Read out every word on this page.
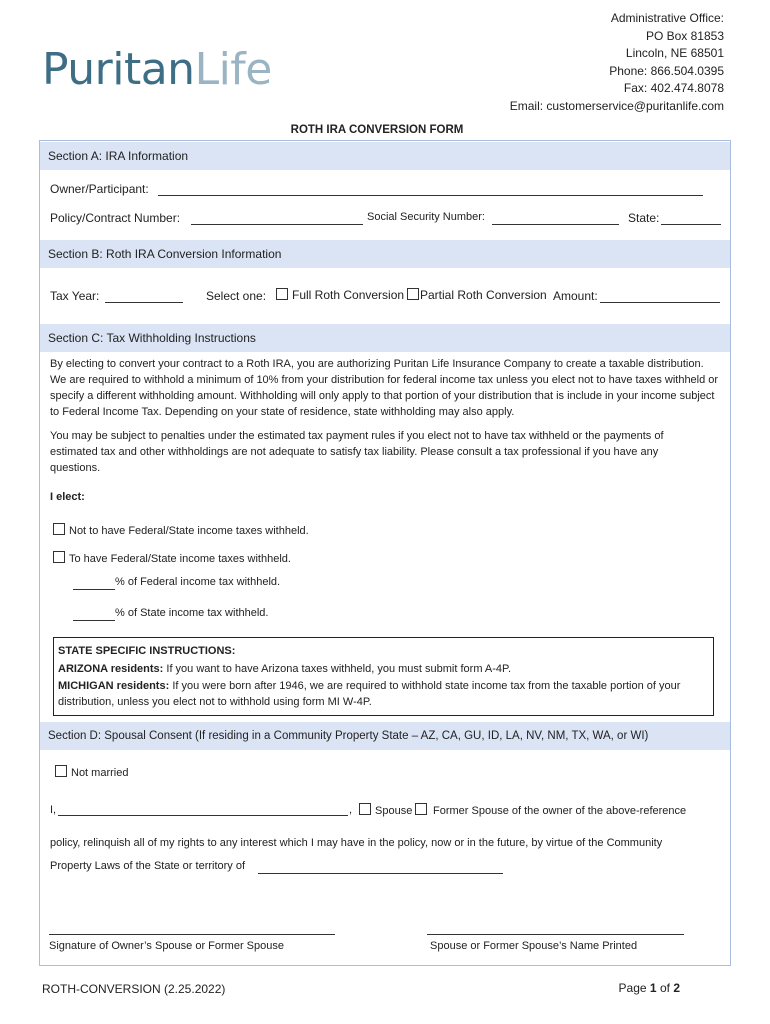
PuritanLife
Administrative Office:
PO Box 81853
Lincoln, NE 68501
Phone: 866.504.0395
Fax: 402.474.8078
Email: customerservice@puritanlife.com
ROTH IRA CONVERSION FORM
Section A: IRA Information
Owner/Participant:
Policy/Contract Number:	Social Security Number:	State:
Section B: Roth IRA Conversion Information
Tax Year:	Select one:	Full Roth Conversion	Partial Roth Conversion Amount:
Section C: Tax Withholding Instructions
By electing to convert your contract to a Roth IRA, you are authorizing Puritan Life Insurance Company to create a taxable distribution. We are required to withhold a minimum of 10% from your distribution for federal income tax unless you elect not to have taxes withheld or specify a different withholding amount. Withholding will only apply to that portion of your distribution that is include in your income subject to Federal Income Tax. Depending on your state of residence, state withholding may also apply.
You may be subject to penalties under the estimated tax payment rules if you elect not to have tax withheld or the payments of estimated tax and other withholdings are not adequate to satisfy tax liability. Please consult a tax professional if you have any questions.
I elect:
Not to have Federal/State income taxes withheld.
To have Federal/State income taxes withheld.
% of Federal income tax withheld.
% of State income tax withheld.
STATE SPECIFIC INSTRUCTIONS:
ARIZONA residents: If you want to have Arizona taxes withheld, you must submit form A-4P.
MICHIGAN residents: If you were born after 1946, we are required to withhold state income tax from the taxable portion of your distribution, unless you elect not to withhold using form MI W-4P.
Section D: Spousal Consent (If residing in a Community Property State – AZ, CA, GU, ID, LA, NV, NM, TX, WA, or WI)
Not married
I,	,	Spouse	Former Spouse of the owner of the above-reference
policy, relinquish all of my rights to any interest which I may have in the policy, now or in the future, by virtue of the Community
Property Laws of the State or territory of
Signature of Owner’s Spouse or Former Spouse	Spouse or Former Spouse’s Name Printed
ROTH-CONVERSION (2.25.2022)	Page 1 of 2
